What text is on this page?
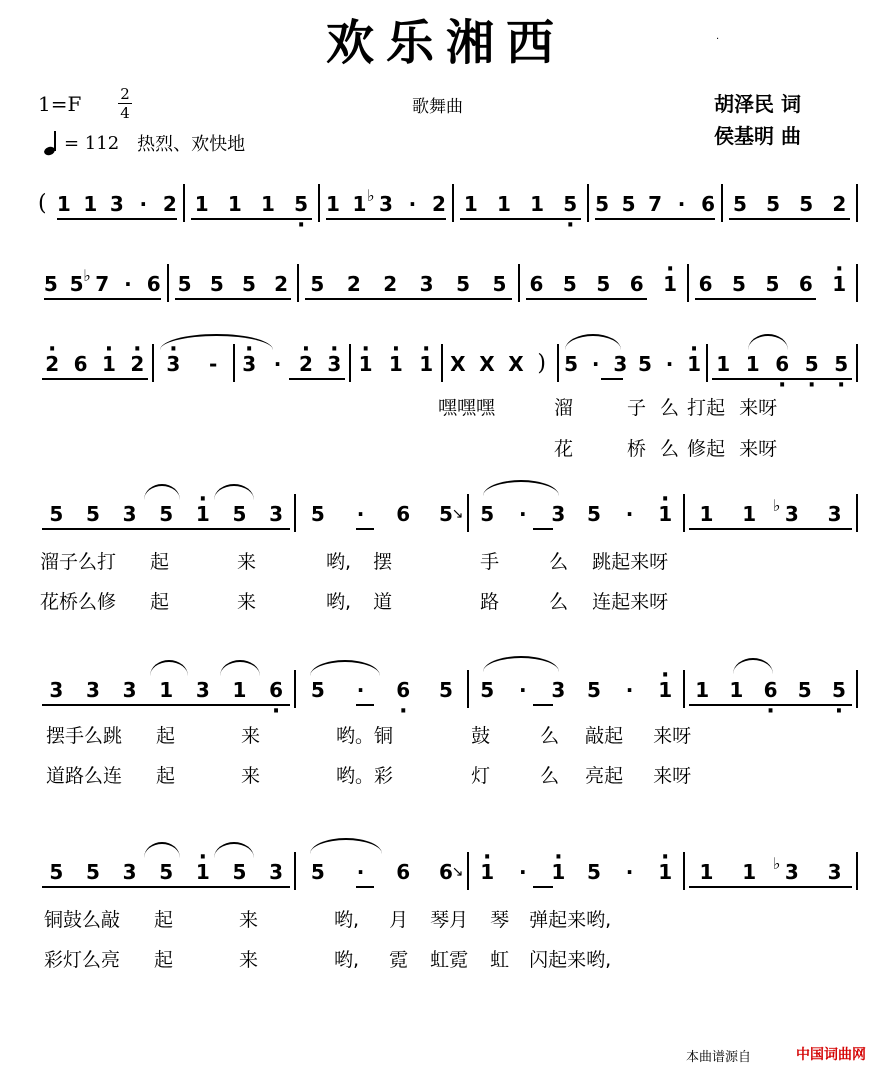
欢乐湘西	·
1=F	2
4	歌舞曲	胡泽民 词
侯基明 曲
= 112 热烈、欢快地
( 1 1 3 · 2 1 1 1 5 · 1 1 ♭ 3 · 2 1 1 1 5 · 5 5 7 · 6 5 5 5 2
5 5 ♭ 7 · 6 5 5 5 2 5 2 2 3 5 5 6 5 5 6 1 · 6 5 5 6 1 ·
2 · 6 1 · 2 · 3 · - 3 · · 2 · 3 · 1 · 1 · 1 · X X X ) 5 · 3 5 · 1 · 1 1 6 · 5 · 5 ·
嘿嘿嘿	溜	子 么 打起 来呀
花	桥 么 修起 来呀
5 5 3 5 1 · 5 3 5 · 6 5
↘ 5 · 3 5 · 1 · 1 1 ♭ 3 3
溜子么打 起	来	哟, 摆	手	么 跳起来呀
花桥么修 起	来	哟, 道	路	么 连起来呀
3 3 3 1 3 1 6 · 5 · 6 · 5 5 · 3 5 · 1 · 1 1 6 · 5 5 ·
摆手么跳 起	来	哟。铜	鼓	么 敲起 来呀
道路么连 起	来	哟。彩	灯	么 亮起 来呀
5 5 3 5 1 · 5 3 5 · 6 6
↘ 1 · · 1 · 5 · 1 · 1 1 ♭ 3 3
铜鼓么敲 起	来	哟, 月 琴月 琴 弹起来哟,
彩灯么亮 起	来	哟, 霓 虹霓 虹 闪起来哟,
本曲谱源自	中国词曲网
